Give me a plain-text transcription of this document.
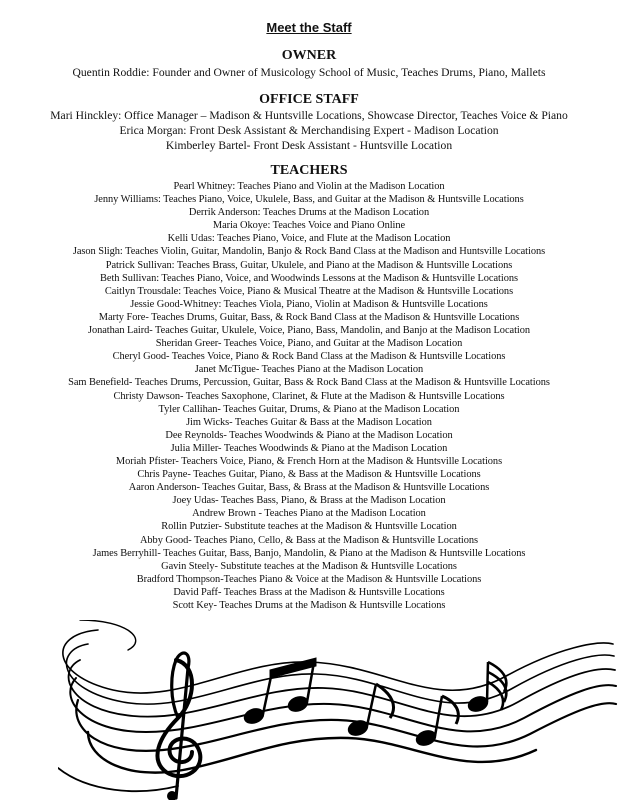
Meet the Staff
OWNER
Quentin Roddie: Founder and Owner of Musicology School of Music, Teaches Drums, Piano, Mallets
OFFICE STAFF
Mari Hinckley: Office Manager – Madison & Huntsville Locations, Showcase Director, Teaches Voice & Piano
Erica Morgan: Front Desk Assistant & Merchandising Expert - Madison Location
Kimberley Bartel- Front Desk Assistant - Huntsville Location
TEACHERS
Pearl Whitney: Teaches Piano and Violin at the Madison Location
Jenny Williams: Teaches Piano, Voice, Ukulele, Bass, and Guitar at the Madison & Huntsville Locations
Derrik Anderson: Teaches Drums at the Madison Location
Maria Okoye: Teaches Voice and Piano Online
Kelli Udas: Teaches Piano, Voice, and Flute at the Madison Location
Jason Sligh: Teaches Violin, Guitar, Mandolin, Banjo & Rock Band Class at the Madison and Huntsville Locations
Patrick Sullivan: Teaches Brass, Guitar, Ukulele, and Piano at the Madison & Huntsville Locations
Beth Sullivan: Teaches Piano, Voice, and Woodwinds Lessons at the Madison & Huntsville Locations
Caitlyn Trousdale: Teaches Voice, Piano & Musical Theatre at the Madison & Huntsville Locations
Jessie Good-Whitney: Teaches Viola, Piano, Violin at Madison & Huntsville Locations
Marty Fore- Teaches Drums, Guitar, Bass, & Rock Band Class at the Madison & Huntsville Locations
Jonathan Laird- Teaches Guitar, Ukulele, Voice, Piano, Bass, Mandolin, and Banjo at the Madison Location
Sheridan Greer- Teaches Voice, Piano, and Guitar at the Madison Location
Cheryl Good- Teaches Voice, Piano & Rock Band Class at the Madison & Huntsville Locations
Janet McTigue- Teaches Piano at the Madison Location
Sam Benefield- Teaches Drums, Percussion, Guitar, Bass & Rock Band Class at the Madison & Huntsville Locations
Christy Dawson- Teaches Saxophone, Clarinet, & Flute at the Madison & Huntsville Locations
Tyler Callihan- Teaches Guitar, Drums, & Piano at the Madison Location
Jim Wicks- Teaches Guitar & Bass at the Madison Location
Dee Reynolds- Teaches Woodwinds & Piano at the Madison Location
Julia Miller- Teaches Woodwinds & Piano at the Madison Location
Moriah Pfister- Teachers Voice, Piano, & French Horn at the Madison & Huntsville Locations
Chris Payne- Teaches Guitar, Piano, & Bass at the Madison & Huntsville Locations
Aaron Anderson- Teaches Guitar, Bass, & Brass at the Madison & Huntsville Locations
Joey Udas- Teaches Bass, Piano, & Brass at the Madison Location
Andrew Brown - Teaches Piano at the Madison Location
Rollin Putzier- Substitute teaches at the Madison & Huntsville Location
Abby Good- Teaches Piano, Cello, & Bass at the Madison & Huntsville Locations
James Berryhill- Teaches Guitar, Bass, Banjo, Mandolin, & Piano at the Madison & Huntsville Locations
Gavin Steely- Substitute teaches at the Madison & Huntsville Locations
Bradford Thompson-Teaches Piano & Voice at the Madison & Huntsville Locations
David Paff- Teaches Brass at the Madison & Huntsville Locations
Scott Key- Teaches Drums at the Madison & Huntsville Locations
